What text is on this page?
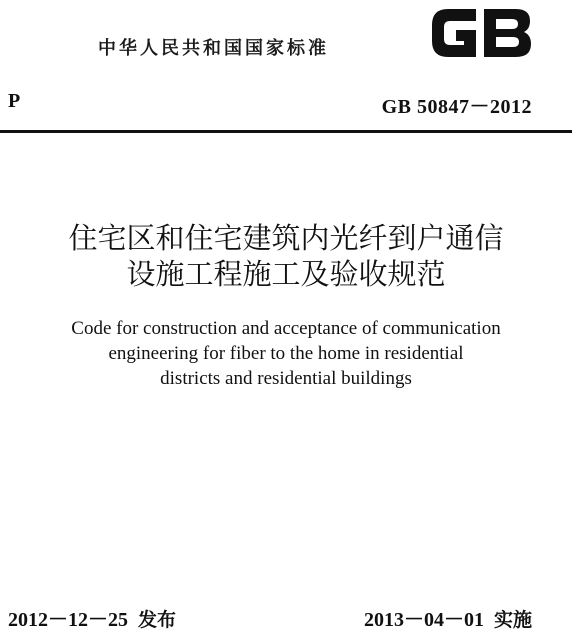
中华人民共和国国家标准
P	GB 50847－2012
住宅区和住宅建筑内光纤到户通信
设施工程施工及验收规范
Code for construction and acceptance of communication
engineering for fiber to the home in residential
districts and residential buildings
2012－12－25 发布	2013－04－01 实施
